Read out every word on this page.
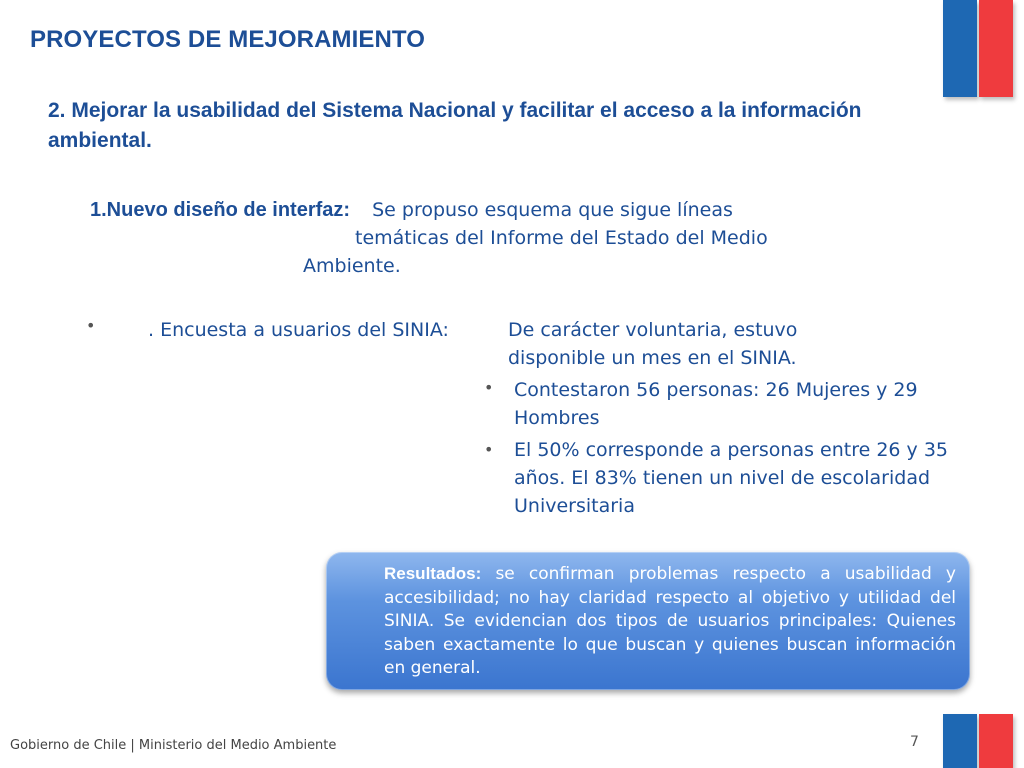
PROYECTOS DE MEJORAMIENTO
2. Mejorar la usabilidad del Sistema Nacional y facilitar el acceso a la información ambiental.
1.Nuevo diseño de interfaz: Se propuso esquema que sigue líneas
temáticas del Informe del Estado del Medio
Ambiente.
•	. Encuesta a usuarios del SINIA:	De carácter voluntaria, estuvo disponible un mes en el SINIA.
• Contestaron 56 personas: 26 Mujeres y 29 Hombres
• El 50% corresponde a personas entre 26 y 35 años. El 83% tienen un nivel de escolaridad Universitaria
Resultados: se confirman problemas respecto a usabilidad y accesibilidad; no hay claridad respecto al objetivo y utilidad del SINIA. Se evidencian dos tipos de usuarios principales: Quienes saben exactamente lo que buscan y quienes buscan información en general.
Gobierno de Chile | Ministerio del Medio Ambiente	7
